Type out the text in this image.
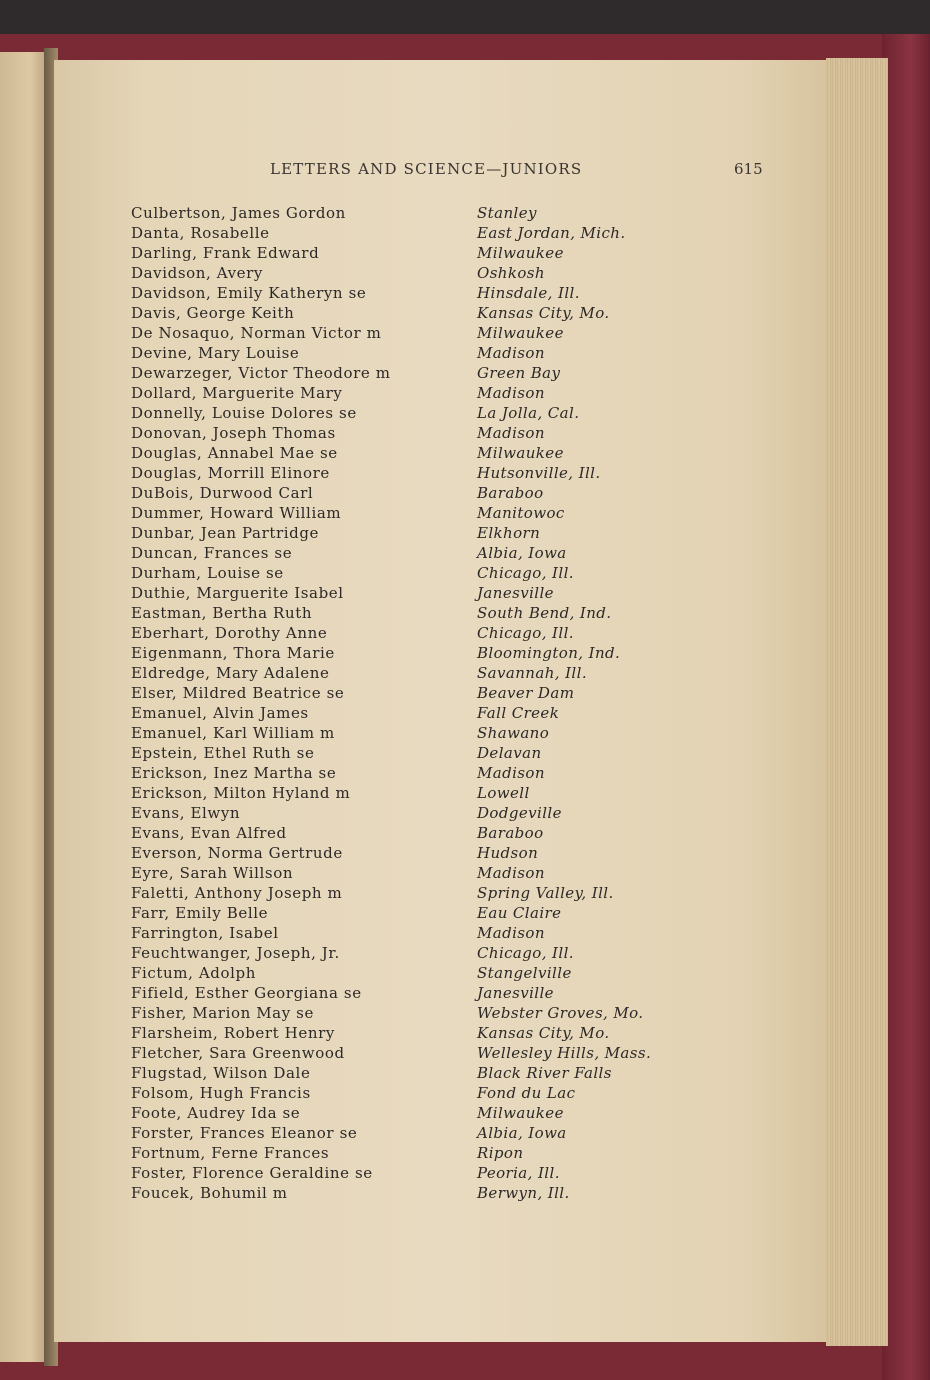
LETTERS AND SCIENCE—JUNIORS	615
Culbertson, James Gordon	Stanley
Danta, Rosabelle	East Jordan, Mich.
Darling, Frank Edward	Milwaukee
Davidson, Avery	Oshkosh
Davidson, Emily Katheryn se	Hinsdale, Ill.
Davis, George Keith	Kansas City, Mo.
De Nosaquo, Norman Victor m	Milwaukee
Devine, Mary Louise	Madison
Dewarzeger, Victor Theodore m	Green Bay
Dollard, Marguerite Mary	Madison
Donnelly, Louise Dolores se	La Jolla, Cal.
Donovan, Joseph Thomas	Madison
Douglas, Annabel Mae se	Milwaukee
Douglas, Morrill Elinore	Hutsonville, Ill.
DuBois, Durwood Carl	Baraboo
Dummer, Howard William	Manitowoc
Dunbar, Jean Partridge	Elkhorn
Duncan, Frances se	Albia, Iowa
Durham, Louise se	Chicago, Ill.
Duthie, Marguerite Isabel	Janesville
Eastman, Bertha Ruth	South Bend, Ind.
Eberhart, Dorothy Anne	Chicago, Ill.
Eigenmann, Thora Marie	Bloomington, Ind.
Eldredge, Mary Adalene	Savannah, Ill.
Elser, Mildred Beatrice se	Beaver Dam
Emanuel, Alvin James	Fall Creek
Emanuel, Karl William m	Shawano
Epstein, Ethel Ruth se	Delavan
Erickson, Inez Martha se	Madison
Erickson, Milton Hyland m	Lowell
Evans, Elwyn	Dodgeville
Evans, Evan Alfred	Baraboo
Everson, Norma Gertrude	Hudson
Eyre, Sarah Willson	Madison
Faletti, Anthony Joseph m	Spring Valley, Ill.
Farr, Emily Belle	Eau Claire
Farrington, Isabel	Madison
Feuchtwanger, Joseph, Jr.	Chicago, Ill.
Fictum, Adolph	Stangelville
Fifield, Esther Georgiana se	Janesville
Fisher, Marion May se	Webster Groves, Mo.
Flarsheim, Robert Henry	Kansas City, Mo.
Fletcher, Sara Greenwood	Wellesley Hills, Mass.
Flugstad, Wilson Dale	Black River Falls
Folsom, Hugh Francis	Fond du Lac
Foote, Audrey Ida se	Milwaukee
Forster, Frances Eleanor se	Albia, Iowa
Fortnum, Ferne Frances	Ripon
Foster, Florence Geraldine se	Peoria, Ill.
Foucek, Bohumil m	Berwyn, Ill.
